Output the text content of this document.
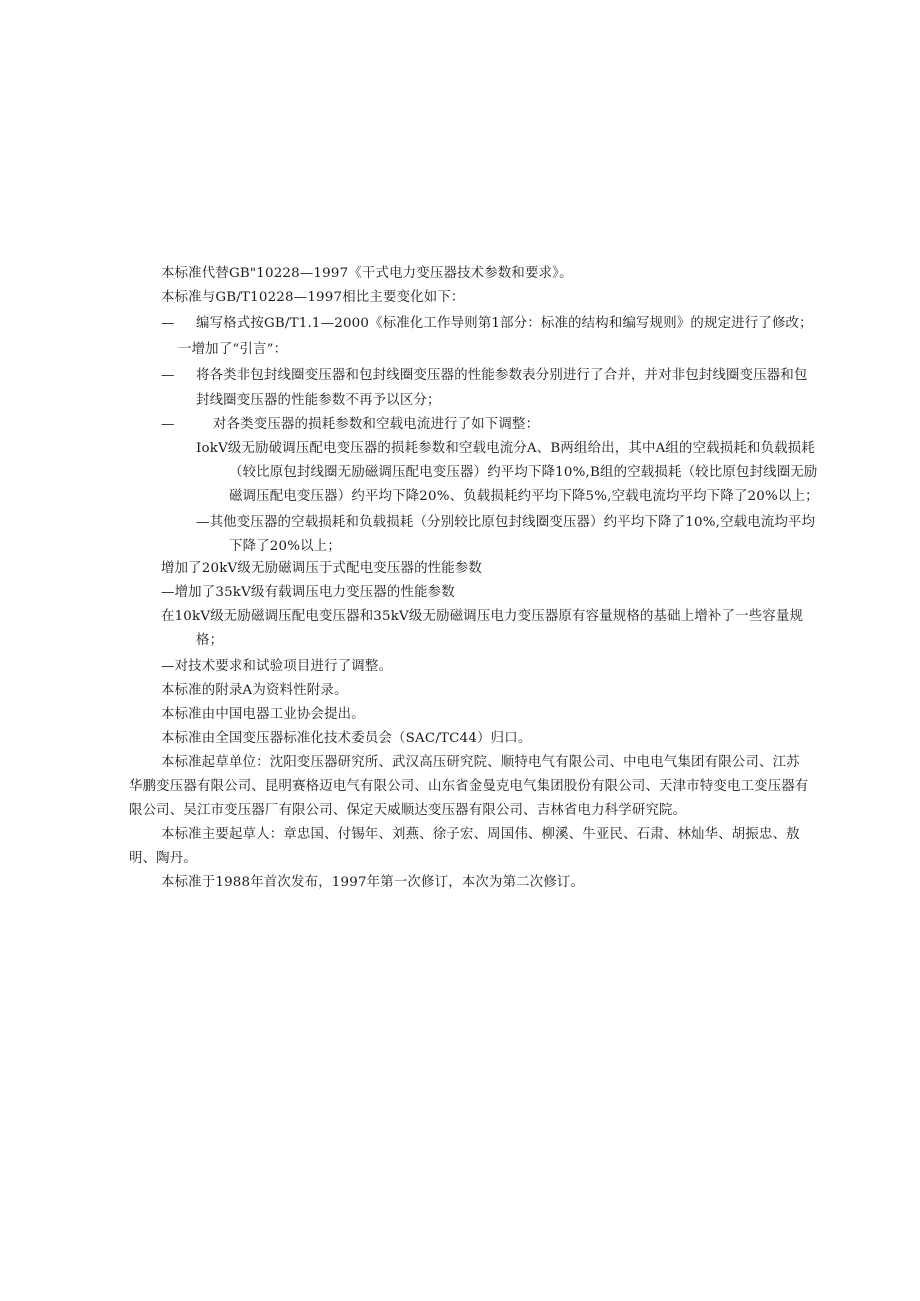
本标准代替GB"10228—1997《干式电力变压器技术参数和要求》。
本标准与GB/T10228—1997相比主要变化如下：
— 编写格式按GB/T1.1—2000《标准化工作导则第1部分：标准的结构和编写规则》的规定进行了修改；
一增加了“引言”：
— 将各类非包封线圈变压器和包封线圈变压器的性能参数表分别进行了合并，并对非包封线圈变压器和包
封线圈变压器的性能参数不再予以区分；
—	对各类变压器的损耗参数和空载电流进行了如下调整：
IokV级无励破调压配电变压器的损耗参数和空载电流分A、B两组给出，其中A组的空载损耗和负载损耗
（较比原包封线圈无励磁调压配电变压器）约平均下降10%,B组的空载损耗（较比原包封线圈无励
磁调压配电变压器）约平均下降20%、负载损耗约平均下降5%,空载电流均平均下降了20%以上；
—其他变压器的空载损耗和负载损耗（分别较比原包封线圈变压器）约平均下降了10%,空载电流均平均
下降了20%以上；
增加了20kV级无励磁调压于式配电变压器的性能参数
—增加了35kV级有载调压电力变压器的性能参数
在10kV级无励磁调压配电变压器和35kV级无励磁调压电力变压器原有容量规格的基础上增补了一些容量规
格；
—对技术要求和试验项目进行了调整。
本标准的附录A为资料性附录。
本标准由中国电器工业协会提出。
本标准由全国变压器标准化技术委员会（SAC/TC44）归口。
本标准起草单位：沈阳变压器研究所、武汉高压研究院、顺特电气有限公司、中电电气集团有限公司、江苏
华鹏变压器有限公司、昆明赛格迈电气有限公司、山东省金曼克电气集团股份有限公司、天津市特变电工变压器有
限公司、吴江市变压器厂有限公司、保定天威顺达变压器有限公司、吉林省电力科学研究院。
本标准主要起草人：章忠国、付锡年、刘燕、徐子宏、周国伟、柳溪、牛亚民、石肃、林灿华、胡振忠、敖
明、陶丹。
本标准于1988年首次发布，1997年第一次修订，本次为第二次修订。
